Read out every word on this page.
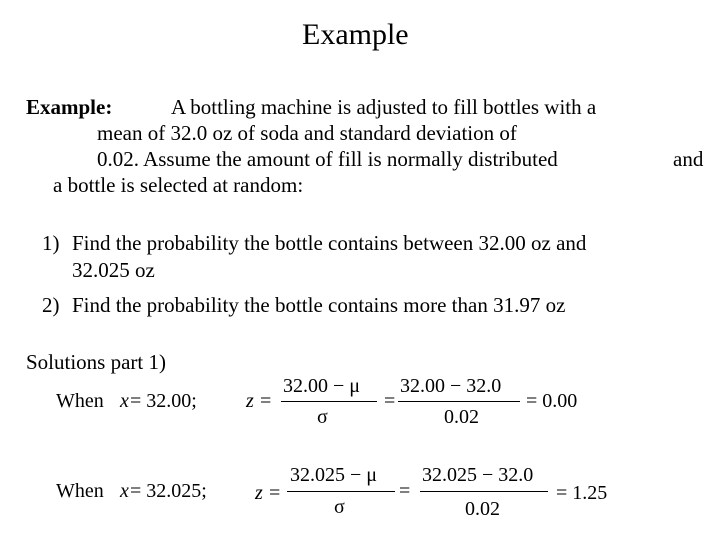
Example
Example:	A bottling machine is adjusted to fill bottles with a
mean of 32.0 oz of soda and standard deviation of
0.02. Assume the amount of fill is normally distributed	and
a bottle is selected at random:
1) Find the probability the bottle contains between 32.00 oz and
32.025 oz
2) Find the probability the bottle contains more than 31.97 oz
Solutions part 1)
When x = 32.00; z =
32.00 − μ
σ
=
32.00 − 32.0
0.02
= 0.00
When x = 32.025; z =
32.025 − μ
σ
=
32.025 − 32.0
0.02
= 1.25
